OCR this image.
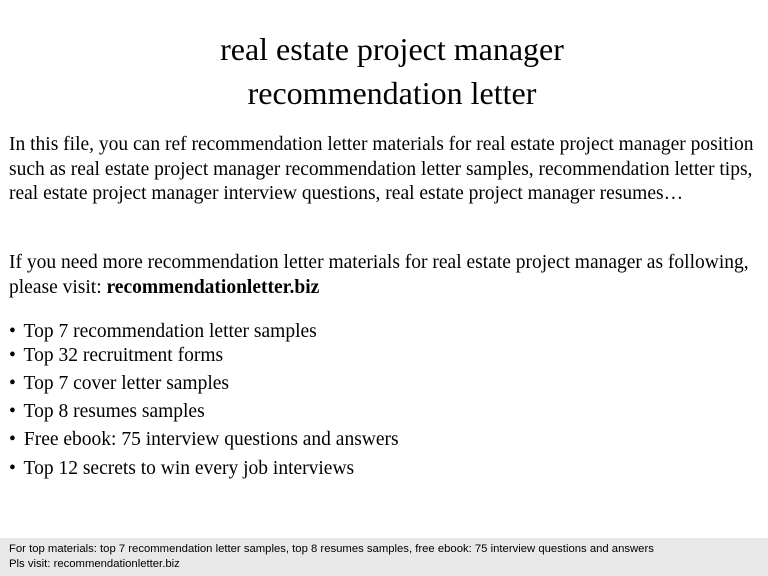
real estate project manager
recommendation letter

In this file, you can ref recommendation letter materials for real estate project manager position such as real estate project manager recommendation letter samples, recommendation letter tips, real estate project manager interview questions, real estate project manager resumes…

If you need more recommendation letter materials for real estate project manager as following, please visit: recommendationletter.biz

• Top 7 recommendation letter samples
• Top 32 recruitment forms
• Top 7 cover letter samples
• Top 8 resumes samples
• Free ebook: 75 interview questions and answers
• Top 12 secrets to win every job interviews
For top materials: top 7 recommendation letter samples, top 8 resumes samples, free ebook: 75 interview questions and answers
Pls visit: recommendationletter.biz
